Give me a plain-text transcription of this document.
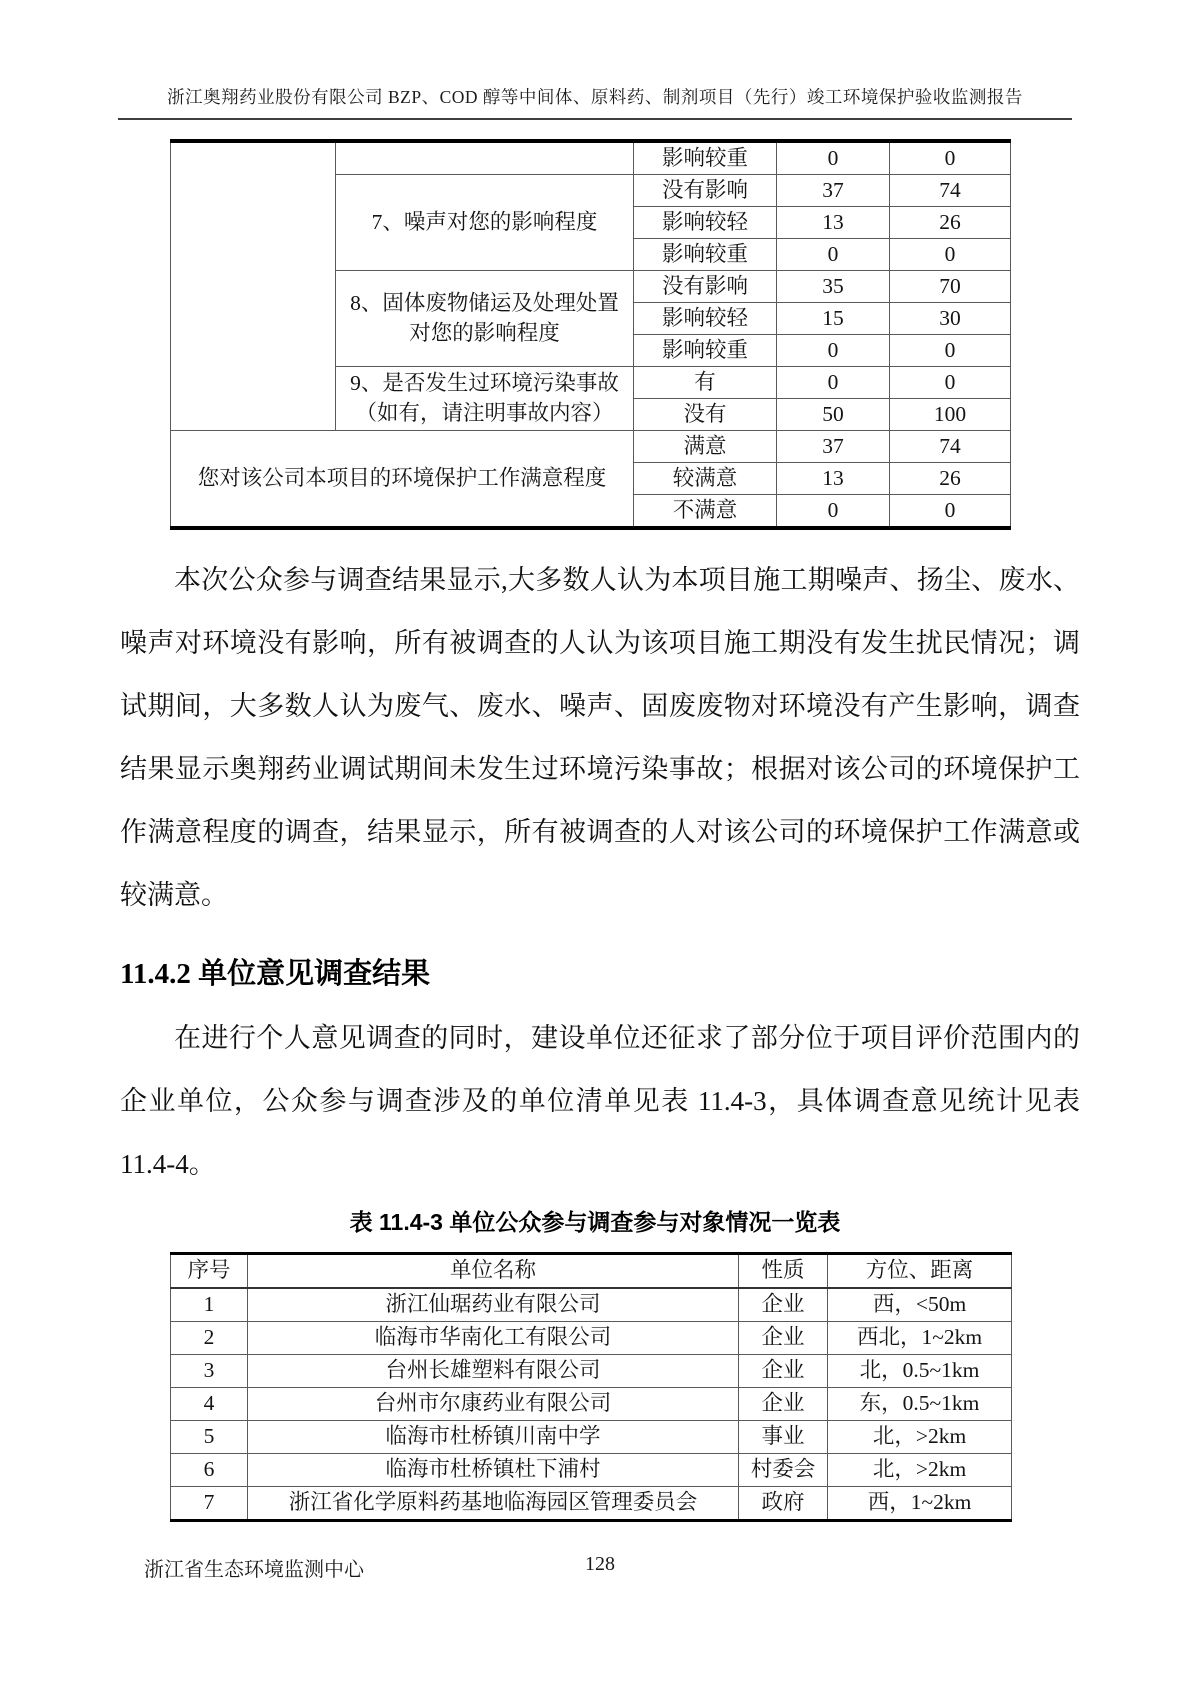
浙江奥翔药业股份有限公司 BZP、COD 醇等中间体、原料药、制剂项目（先行）竣工环境保护验收监测报告
		影响较重	0	0
	7、噪声对您的影响程度	没有影响	37	74
		影响较轻	13	26
		影响较重	0	0
	8、固体废物储运及处理处置对您的影响程度	没有影响	35	70
		影响较轻	15	30
		影响较重	0	0
	9、是否发生过环境污染事故（如有，请注明事故内容）	有	0	0
		没有	50	100
您对该公司本项目的环境保护工作满意程度		满意	37	74
		较满意	13	26
		不满意	0	0
本次公众参与调查结果显示,大多数人认为本项目施工期噪声、扬尘、废水、噪声对环境没有影响，所有被调查的人认为该项目施工期没有发生扰民情况；调试期间，大多数人认为废气、废水、噪声、固废废物对环境没有产生影响，调查结果显示奥翔药业调试期间未发生过环境污染事故；根据对该公司的环境保护工作满意程度的调查，结果显示，所有被调查的人对该公司的环境保护工作满意或较满意。
11.4.2 单位意见调查结果
在进行个人意见调查的同时，建设单位还征求了部分位于项目评价范围内的企业单位，公众参与调查涉及的单位清单见表 11.4-3，具体调查意见统计见表 11.4-4。
表 11.4-3 单位公众参与调查参与对象情况一览表
序号	单位名称	性质	方位、距离
1	浙江仙琚药业有限公司	企业	西，<50m
2	临海市华南化工有限公司	企业	西北，1~2km
3	台州长雄塑料有限公司	企业	北，0.5~1km
4	台州市尔康药业有限公司	企业	东，0.5~1km
5	临海市杜桥镇川南中学	事业	北，>2km
6	临海市杜桥镇杜下浦村	村委会	北，>2km
7	浙江省化学原料药基地临海园区管理委员会	政府	西，1~2km
浙江省生态环境监测中心	128
